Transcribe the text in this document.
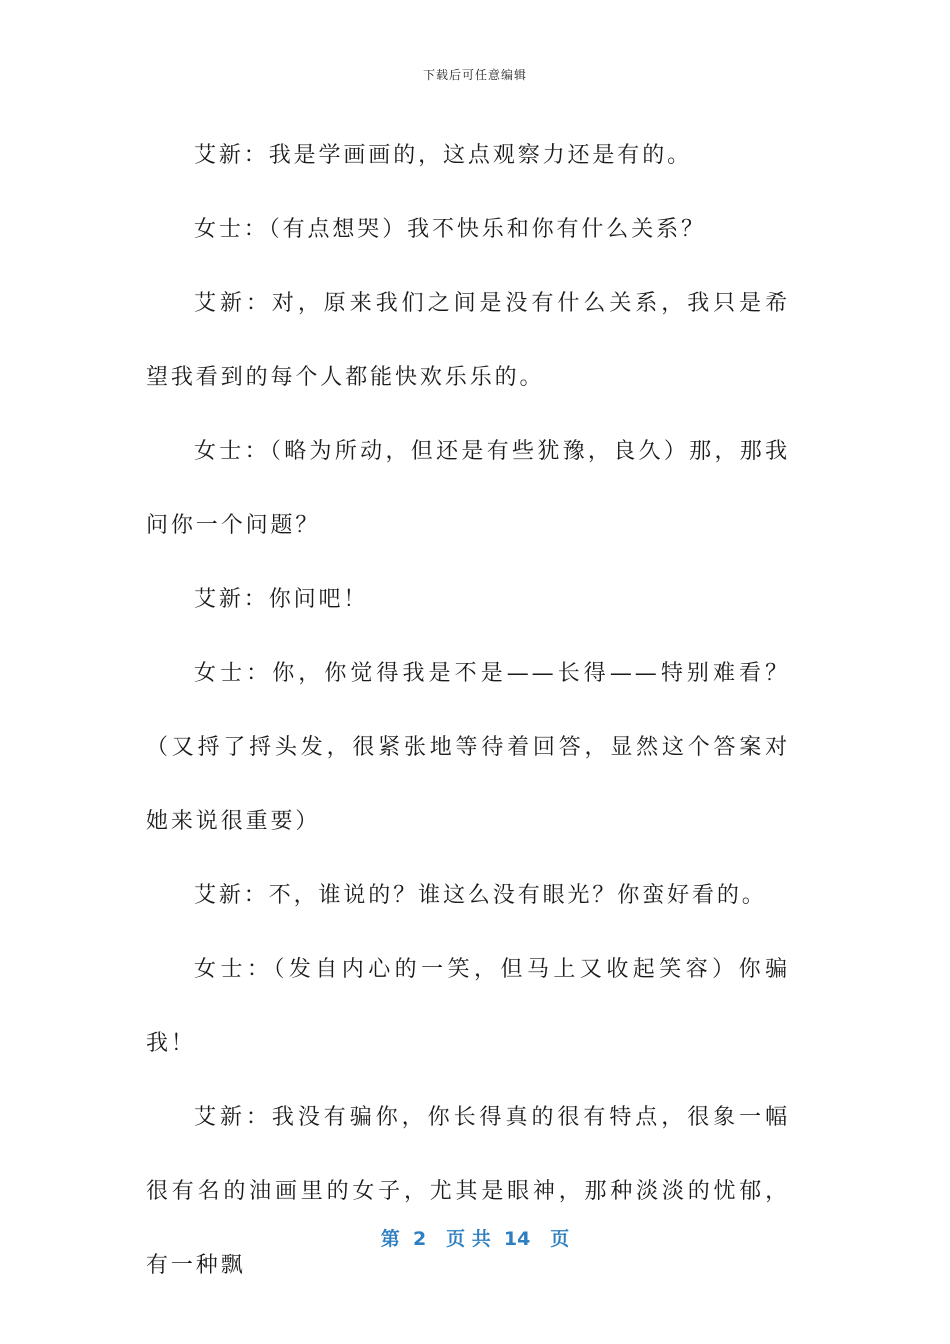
下载后可任意编辑

艾新：我是学画画的，这点观察力还是有的。

女士：（有点想哭）我不快乐和你有什么关系？

艾新：对，原来我们之间是没有什么关系，我只是希望我看到的每个人都能快欢乐乐的。

女士：（略为所动，但还是有些犹豫，良久）那，那我问你一个问题？

艾新：你问吧！

女士：你，你觉得我是不是——长得——特别难看？（又捋了捋头发，很紧张地等待着回答，显然这个答案对她来说很重要）

艾新：不，谁说的？谁这么没有眼光？你蛮好看的。

女士：（发自内心的一笑，但马上又收起笑容）你骗我！

艾新：我没有骗你，你长得真的很有特点，很象一幅很有名的油画里的女子，尤其是眼神，那种淡淡的忧郁，有一种飘

第  2   页 共  14   页
